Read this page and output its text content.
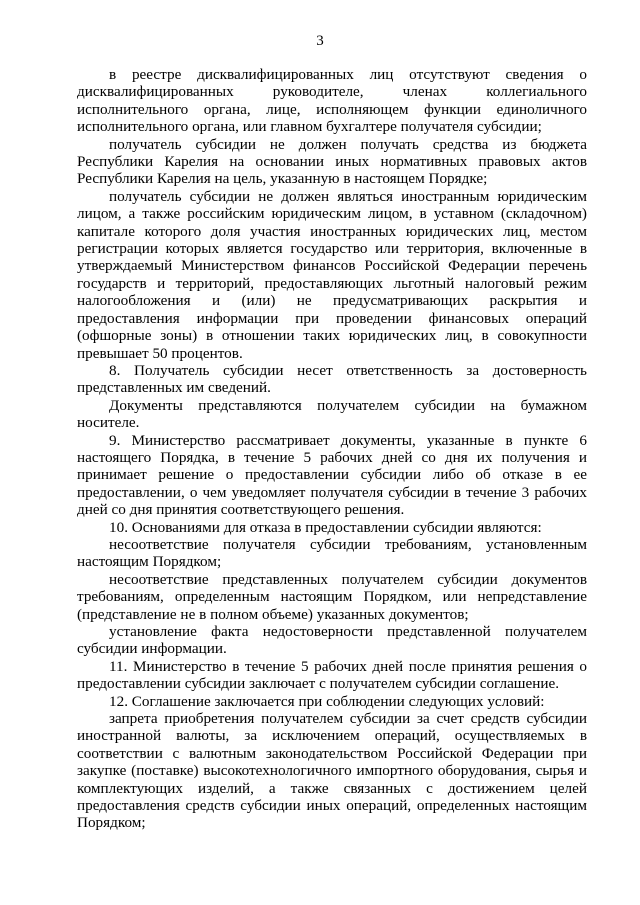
3

в реестре дисквалифицированных лиц отсутствуют сведения о дисквалифицированных руководителе, членах коллегиального исполнительного органа, лице, исполняющем функции единоличного исполнительного органа, или главном бухгалтере получателя субсидии;

получатель субсидии не должен получать средства из бюджета Республики Карелия на основании иных нормативных правовых актов Республики Карелия на цель, указанную в настоящем Порядке;

получатель субсидии не должен являться иностранным юридическим лицом, а также российским юридическим лицом, в уставном (складочном) капитале которого доля участия иностранных юридических лиц, местом регистрации которых является государство или территория, включенные в утверждаемый Министерством финансов Российской Федерации перечень государств и территорий, предоставляющих льготный налоговый режим налогообложения и (или) не предусматривающих раскрытия и предоставления информации при проведении финансовых операций (офшорные зоны) в отношении таких юридических лиц, в совокупности превышает 50 процентов.

8. Получатель субсидии несет ответственность за достоверность представленных им сведений.

Документы представляются получателем субсидии на бумажном носителе.

9. Министерство рассматривает документы, указанные в пункте 6 настоящего Порядка, в течение 5 рабочих дней со дня их получения и принимает решение о предоставлении субсидии либо об отказе в ее предоставлении, о чем уведомляет получателя субсидии в течение 3 рабочих дней со дня принятия соответствующего решения.

10. Основаниями для отказа в предоставлении субсидии являются:

несоответствие получателя субсидии требованиям, установленным настоящим Порядком;

несоответствие представленных получателем субсидии документов требованиям, определенным настоящим Порядком, или непредставление (представление не в полном объеме) указанных документов;

установление факта недостоверности представленной получателем субсидии информации.

11. Министерство в течение 5 рабочих дней после принятия решения о предоставлении субсидии заключает с получателем субсидии соглашение.

12. Соглашение заключается при соблюдении следующих условий:

запрета приобретения получателем субсидии за счет средств субсидии иностранной валюты, за исключением операций, осуществляемых в соответствии с валютным законодательством Российской Федерации при закупке (поставке) высокотехнологичного импортного оборудования, сырья и комплектующих изделий, а также связанных с достижением целей предоставления средств субсидии иных операций, определенных настоящим Порядком;
